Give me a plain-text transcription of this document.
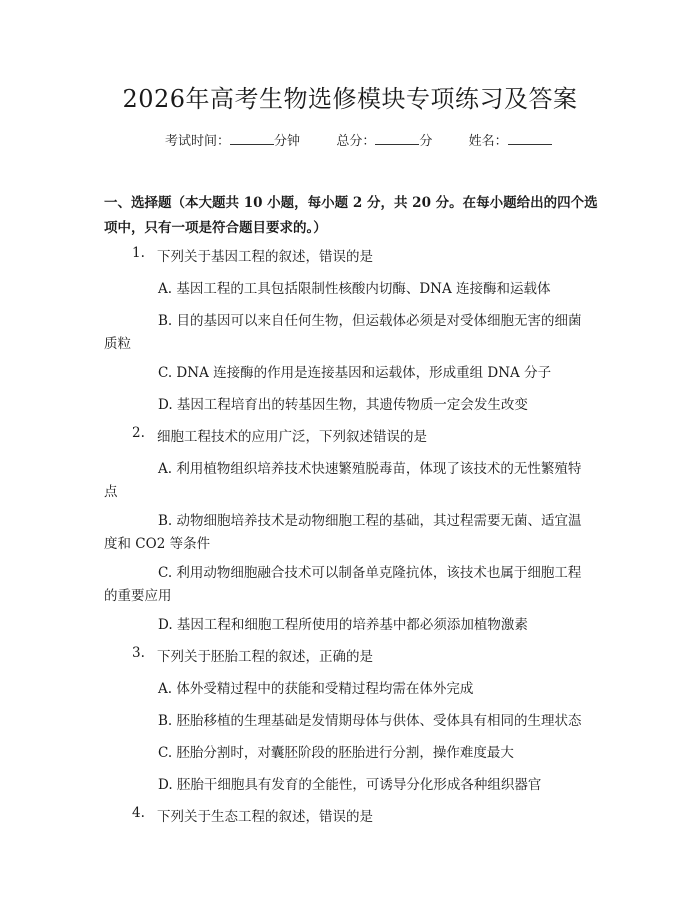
2026年高考生物选修模块专项练习及答案
考试时间：	分钟	总分：	分	姓名：
一、选择题（本大题共 10 小题，每小题 2 分，共 20 分。在每小题给出的四个选项中，只有一项是符合题目要求的。）
1. 下列关于基因工程的叙述，错误的是
A. 基因工程的工具包括限制性核酸内切酶、DNA 连接酶和运载体
B. 目的基因可以来自任何生物，但运载体必须是对受体细胞无害的细菌
质粒
C. DNA 连接酶的作用是连接基因和运载体，形成重组 DNA 分子
D. 基因工程培育出的转基因生物，其遗传物质一定会发生改变
2. 细胞工程技术的应用广泛，下列叙述错误的是
A. 利用植物组织培养技术快速繁殖脱毒苗，体现了该技术的无性繁殖特
点
B. 动物细胞培养技术是动物细胞工程的基础，其过程需要无菌、适宜温
度和 CO2 等条件
C. 利用动物细胞融合技术可以制备单克隆抗体，该技术也属于细胞工程
的重要应用
D. 基因工程和细胞工程所使用的培养基中都必须添加植物激素
3. 下列关于胚胎工程的叙述，正确的是
A. 体外受精过程中的获能和受精过程均需在体外完成
B. 胚胎移植的生理基础是发情期母体与供体、受体具有相同的生理状态
C. 胚胎分割时，对囊胚阶段的胚胎进行分割，操作难度最大
D. 胚胎干细胞具有发育的全能性，可诱导分化形成各种组织器官
4. 下列关于生态工程的叙述，错误的是
